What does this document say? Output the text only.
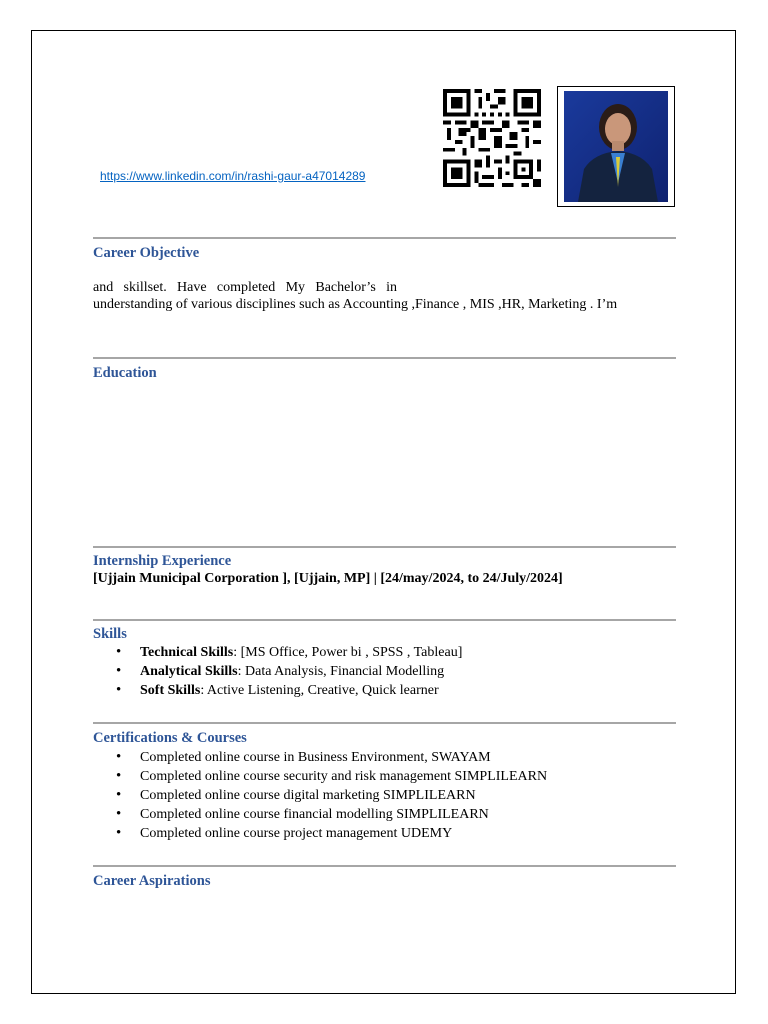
https://www.linkedin.com/in/rashi-gaur-a47014289
Career Objective
and skillset. Have completed My Bachelor’s in
understanding of various disciplines such as Accounting ,Finance , MIS ,HR, Marketing . I’m
Education
Internship Experience
[Ujjain Municipal Corporation ], [Ujjain, MP] | [24/may/2024, to 24/July/2024]
Skills
• Technical Skills: [MS Office, Power bi , SPSS , Tableau]
• Analytical Skills: Data Analysis, Financial Modelling
• Soft Skills: Active Listening, Creative, Quick learner
Certifications & Courses
• Completed online course in Business Environment, SWAYAM
• Completed online course security and risk management SIMPLILEARN
• Completed online course digital marketing SIMPLILEARN
• Completed online course financial modelling SIMPLILEARN
• Completed online course project management UDEMY
Career Aspirations
